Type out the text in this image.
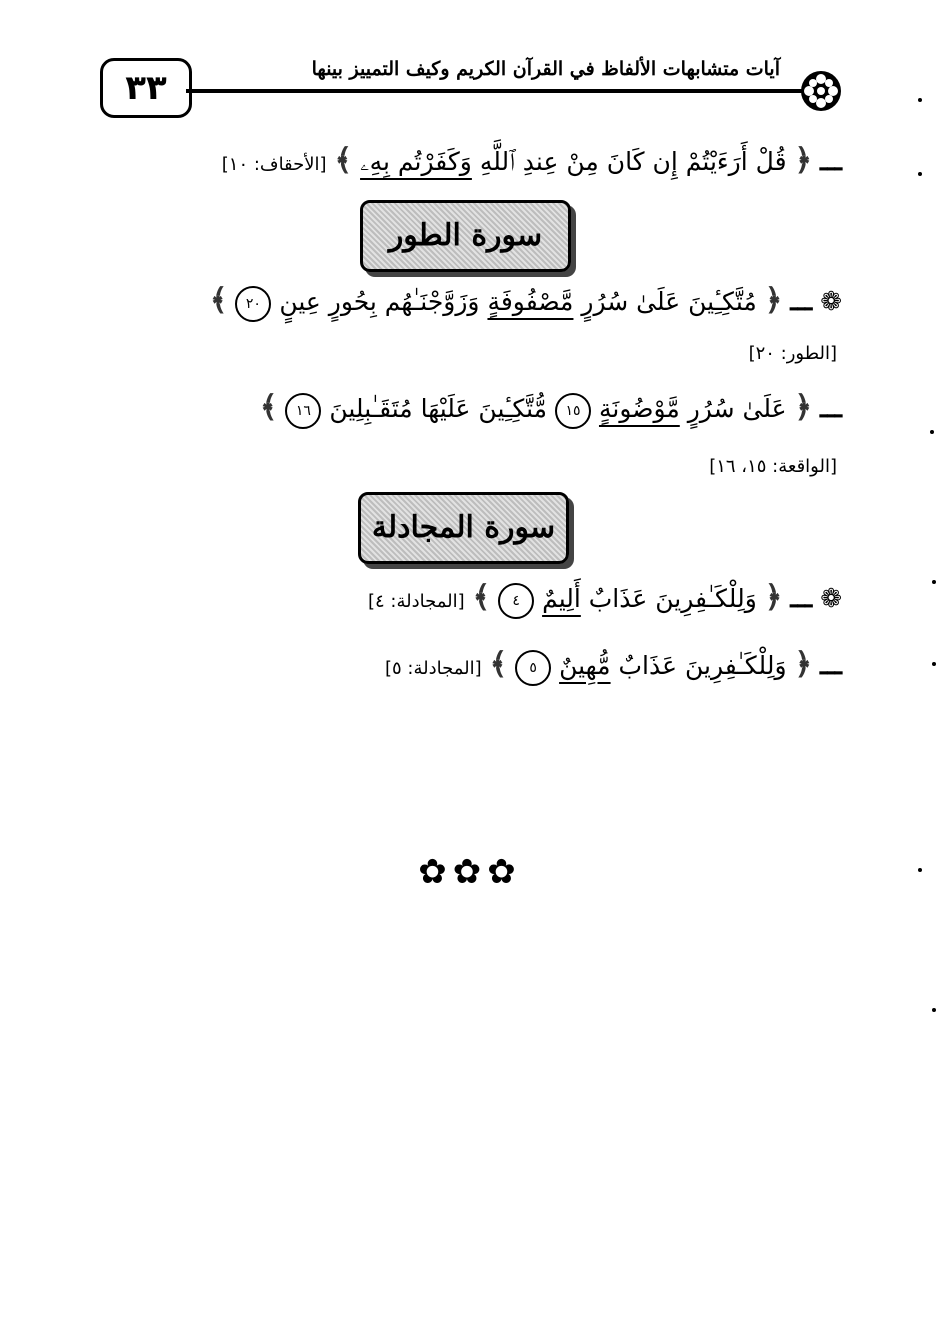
٣٣	آيات متشابهات الألفاظ في القرآن الكريم وكيف التمييز بينها
ـــ ﴿ قُلْ أَرَءَيْتُمْ إِن كَانَ مِنْ عِندِ ٱللَّهِ وَكَفَرْتُم بِهِۦ ﴾ [الأحقاف: ١٠]
سورة الطور
❁ ـــ ﴿ مُتَّكِـِٔينَ عَلَىٰ سُرُرٍ مَّصْفُوفَةٍ وَزَوَّجْنَـٰهُم بِحُورٍ عِينٍ ٢٠ ﴾
[الطور: ٢٠]
ـــ ﴿ عَلَىٰ سُرُرٍ مَّوْضُونَةٍ ١٥ مُّتَّكِـِٔينَ عَلَيْهَا مُتَقَـٰبِلِينَ ١٦ ﴾
[الواقعة: ١٥، ١٦]
سورة المجادلة
❁ ـــ ﴿ وَلِلْكَـٰفِرِينَ عَذَابٌ أَلِيمٌ ٤ ﴾ [المجادلة: ٤]
ـــ ﴿ وَلِلْكَـٰفِرِينَ عَذَابٌ مُّهِينٌ ٥ ﴾ [المجادلة: ٥]
✿✿✿
